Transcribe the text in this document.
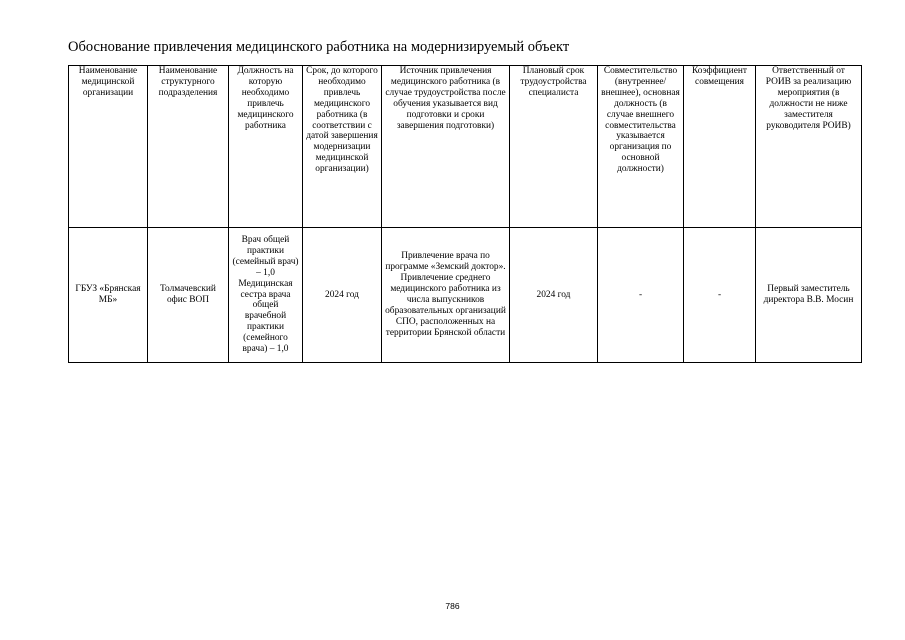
Обоснование привлечения медицинского работника на модернизируемый объект
Наименование медицинской организации	Наименование структурного подразделения	Должность на которую необходимо привлечь медицинского работника	Срок, до которого необходимо привлечь медицинского работника (в соответствии с датой завершения модернизации медицинской организации)	Источник привлечения медицинского работника (в случае трудоустройства после обучения указывается вид подготовки и сроки завершения подготовки)	Плановый срок трудоустройства специалиста	Совместительство (внутреннее/внешнее), основная должность (в случае внешнего совместительства указывается организация по основной должности)	Коэффициент совмещения	Ответственный от РОИВ за реализацию мероприятия (в должности не ниже заместителя руководителя РОИВ)
ГБУЗ «Брянская МБ»	Толмачевский офис ВОП	Врач общей практики (семейный врач) – 1,0 Медицинская сестра врача общей врачебной практики (семейного врача) – 1,0	2024 год	Привлечение врача по программе «Земский доктор». Привлечение среднего медицинского работника из числа выпускников образовательных организаций СПО, расположенных на территории Брянской области	2024 год	-	-	Первый заместитель директора В.В. Мосин
786
